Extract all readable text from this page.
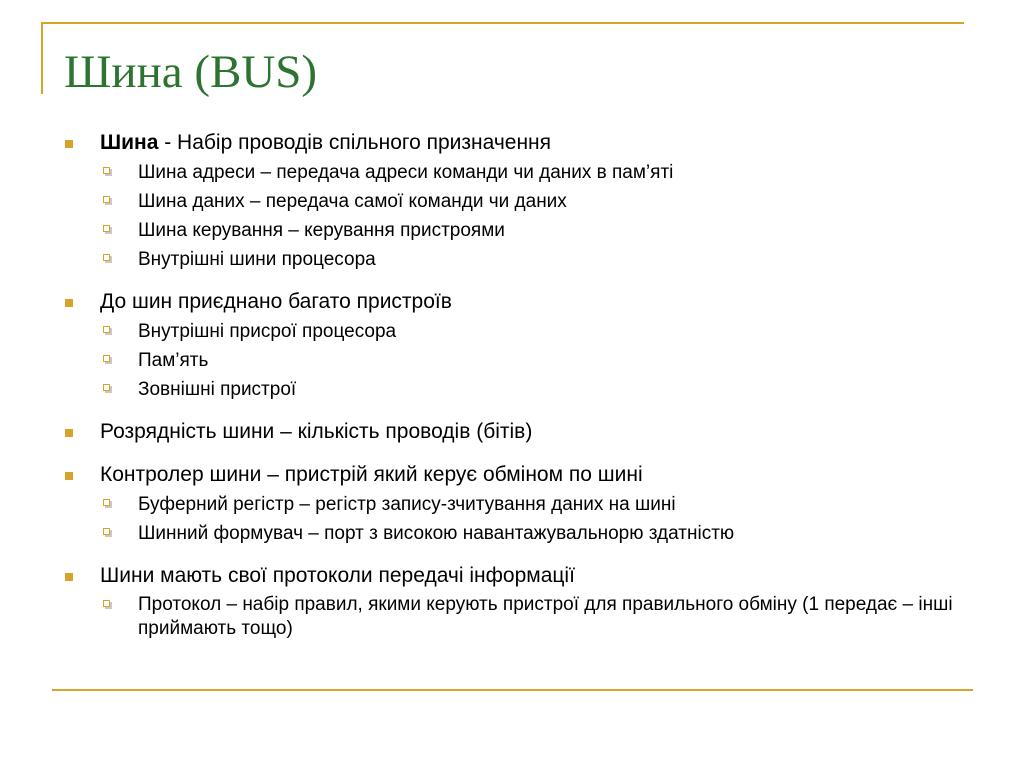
Шина (BUS)
Шина - Набір проводів спільного призначення
Шина адреси – передача адреси команди чи даних в пам’яті
Шина даних – передача самої команди чи даних
Шина керування – керування пристроями
Внутрішні шини процесора
До шин приєднано багато пристроїв
Внутрішні присрої процесора
Пам’ять
Зовнішні пристрої
Розрядність шини – кількість проводів (бітів)
Контролер шини – пристрій який керує обміном по шині
Буферний регістр – регістр запису-зчитування даних на шині
Шинний формувач – порт з високою навантажувальнорю здатністю
Шини мають свої протоколи передачі інформації
Протокол – набір правил, якими керують пристрої для правильного обміну (1 передає – інші приймають тощо)
